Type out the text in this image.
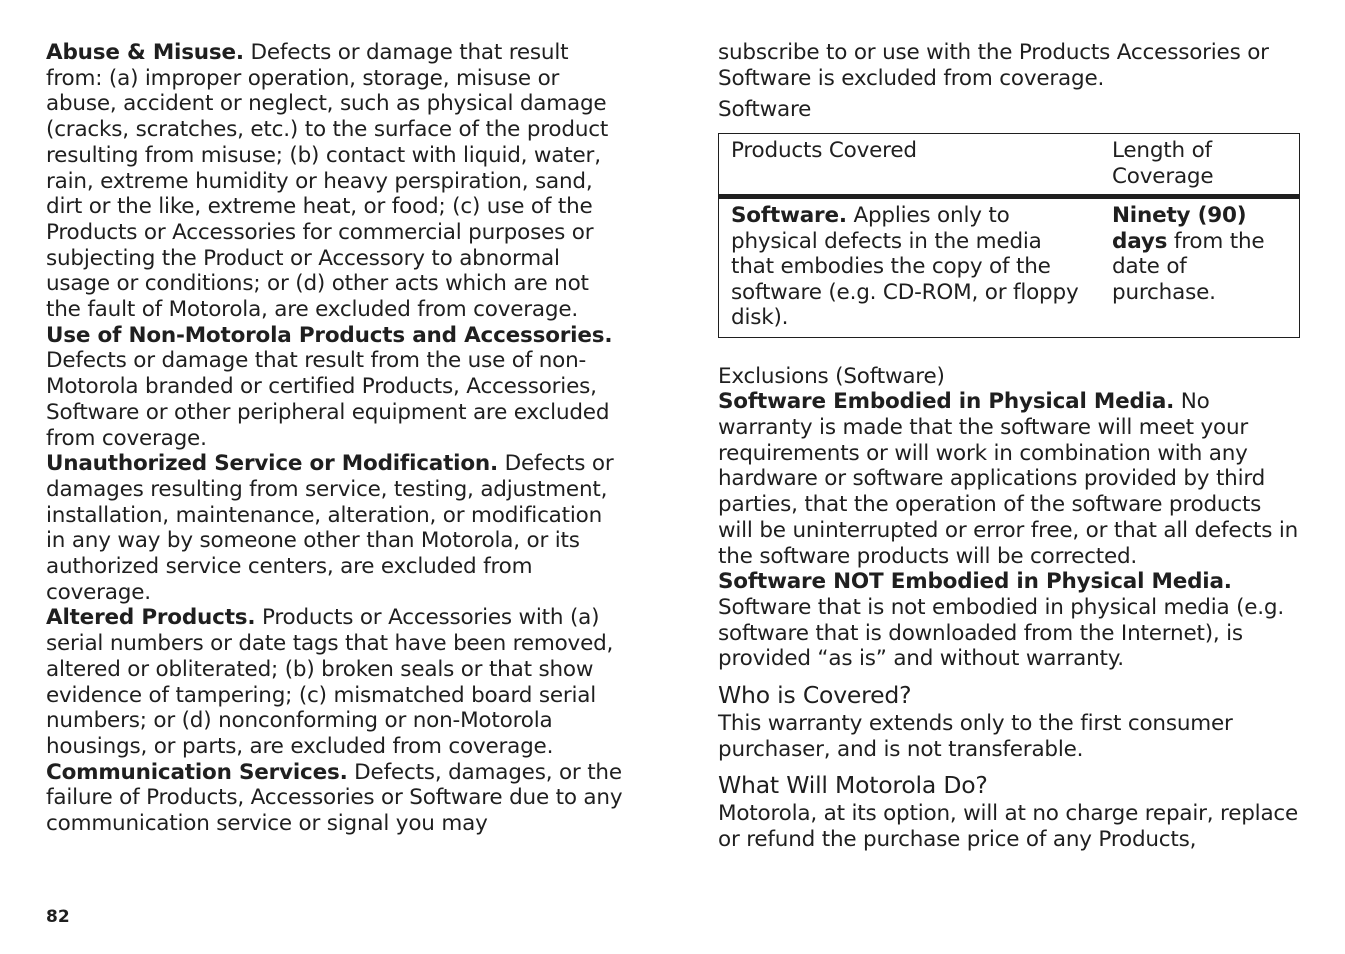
Abuse & Misuse. Defects or damage that result from: (a) improper operation, storage, misuse or abuse, accident or neglect, such as physical damage (cracks, scratches, etc.) to the surface of the product resulting from misuse; (b) contact with liquid, water, rain, extreme humidity or heavy perspiration, sand, dirt or the like, extreme heat, or food; (c) use of the Products or Accessories for commercial purposes or subjecting the Product or Accessory to abnormal usage or conditions; or (d) other acts which are not the fault of Motorola, are excluded from coverage.

Use of Non-Motorola Products and Accessories. Defects or damage that result from the use of non-Motorola branded or certified Products, Accessories, Software or other peripheral equipment are excluded from coverage.

Unauthorized Service or Modification. Defects or damages resulting from service, testing, adjustment, installation, maintenance, alteration, or modification in any way by someone other than Motorola, or its authorized service centers, are excluded from coverage.

Altered Products. Products or Accessories with (a) serial numbers or date tags that have been removed, altered or obliterated; (b) broken seals or that show evidence of tampering; (c) mismatched board serial numbers; or (d) nonconforming or non-Motorola housings, or parts, are excluded from coverage.

Communication Services. Defects, damages, or the failure of Products, Accessories or Software due to any communication service or signal you may

subscribe to or use with the Products Accessories or Software is excluded from coverage.

Software
Products Covered	Length of Coverage
Software. Applies only to physical defects in the media that embodies the copy of the software (e.g. CD-ROM, or floppy disk).	Ninety (90) days from the date of purchase.
Exclusions (Software)

Software Embodied in Physical Media. No warranty is made that the software will meet your requirements or will work in combination with any hardware or software applications provided by third parties, that the operation of the software products will be uninterrupted or error free, or that all defects in the software products will be corrected.

Software NOT Embodied in Physical Media. Software that is not embodied in physical media (e.g. software that is downloaded from the Internet), is provided “as is” and without warranty.

Who is Covered?

This warranty extends only to the first consumer purchaser, and is not transferable.

What Will Motorola Do?

Motorola, at its option, will at no charge repair, replace or refund the purchase price of any Products,

82
